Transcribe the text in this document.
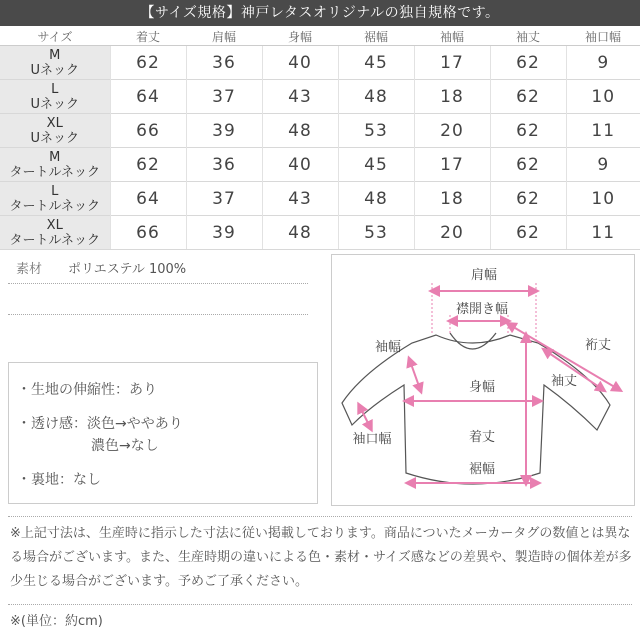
【サイズ規格】神戸レタスオリジナルの独自規格です。
サイズ	着丈	肩幅	身幅	裾幅	袖幅	袖丈	袖口幅

M
Uネック	62	36	40	45	17	62	9

L
Uネック	64	37	43	48	18	62	10

XL
Uネック	66	39	48	53	20	62	11

M
タートルネック	62	36	40	45	17	62	9

L
タートルネック	64	37	43	48	18	62	10

XL
タートルネック	66	39	48	53	20	62	11
素材 ポリエステル 100%
・生地の伸縮性：あり
・透け感：淡色→ややあり
濃色→なし
・裏地：なし
肩幅
襟開き幅
袖幅	裄丈
袖丈
身幅
袖口幅	着丈
裾幅
※上記寸法は、生産時に指示した寸法に従い掲載しております。商品についたメーカータグの数値とは異なる場合がございます。また、生産時期の違いによる色・素材・サイズ感などの差異や、製造時の個体差が多少生じる場合がございます。予めご了承ください。
※(単位：約cm)
